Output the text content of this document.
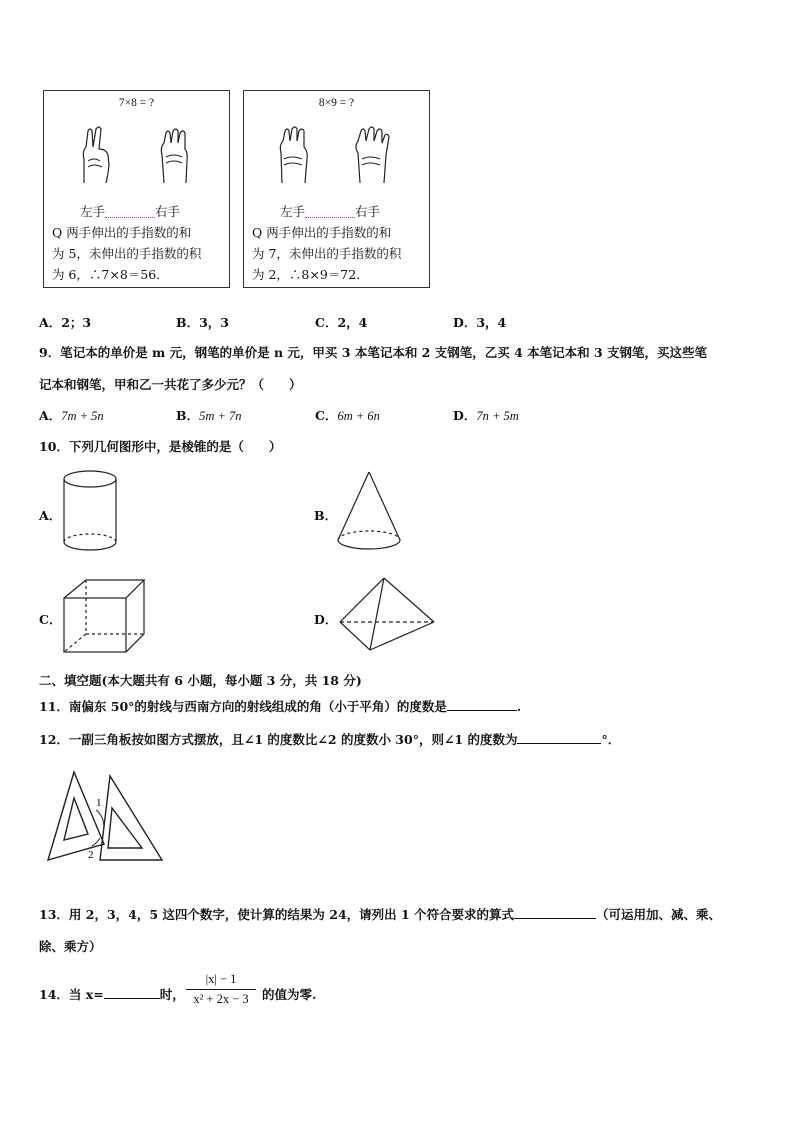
7×8 = ?
左手	右手
Q 两手伸出的手指数的和
为 5，未伸出的手指数的积
为 6，∴7×8＝56．
8×9 = ?
左手	右手
Q 两手伸出的手指数的和
为 7，未伸出的手指数的积
为 2，∴8×9＝72．
A．2；3	B．3，3	C．2，4	D．3，4
9．笔记本的单价是 m 元，钢笔的单价是 n 元，甲买 3 本笔记本和 2 支钢笔，乙买 4 本笔记本和 3 支钢笔，买这些笔
记本和钢笔，甲和乙一共花了多少元？（　　）
A．7m + 5n	B．5m + 7n	C．6m + 6n	D．7n + 5m
10．下列几何图形中，是棱锥的是（　　）
A．	B．
C．	D．
二、填空题(本大题共有 6 小题，每小题 3 分，共 18 分)
11．南偏东 50°的射线与西南方向的射线组成的角（小于平角）的度数是	.
12．一副三角板按如图方式摆放，且∠1 的度数比∠2 的度数小 30°，则∠1 的度数为	°．
1
2
13．用 2，3，4，5 这四个数字，使计算的结果为 24，请列出 1 个符合要求的算式	（可运用加、减、乘、
除、乘方）
14．当 x=	时，
|x| − 1
x² + 2x − 3	的值为零.
